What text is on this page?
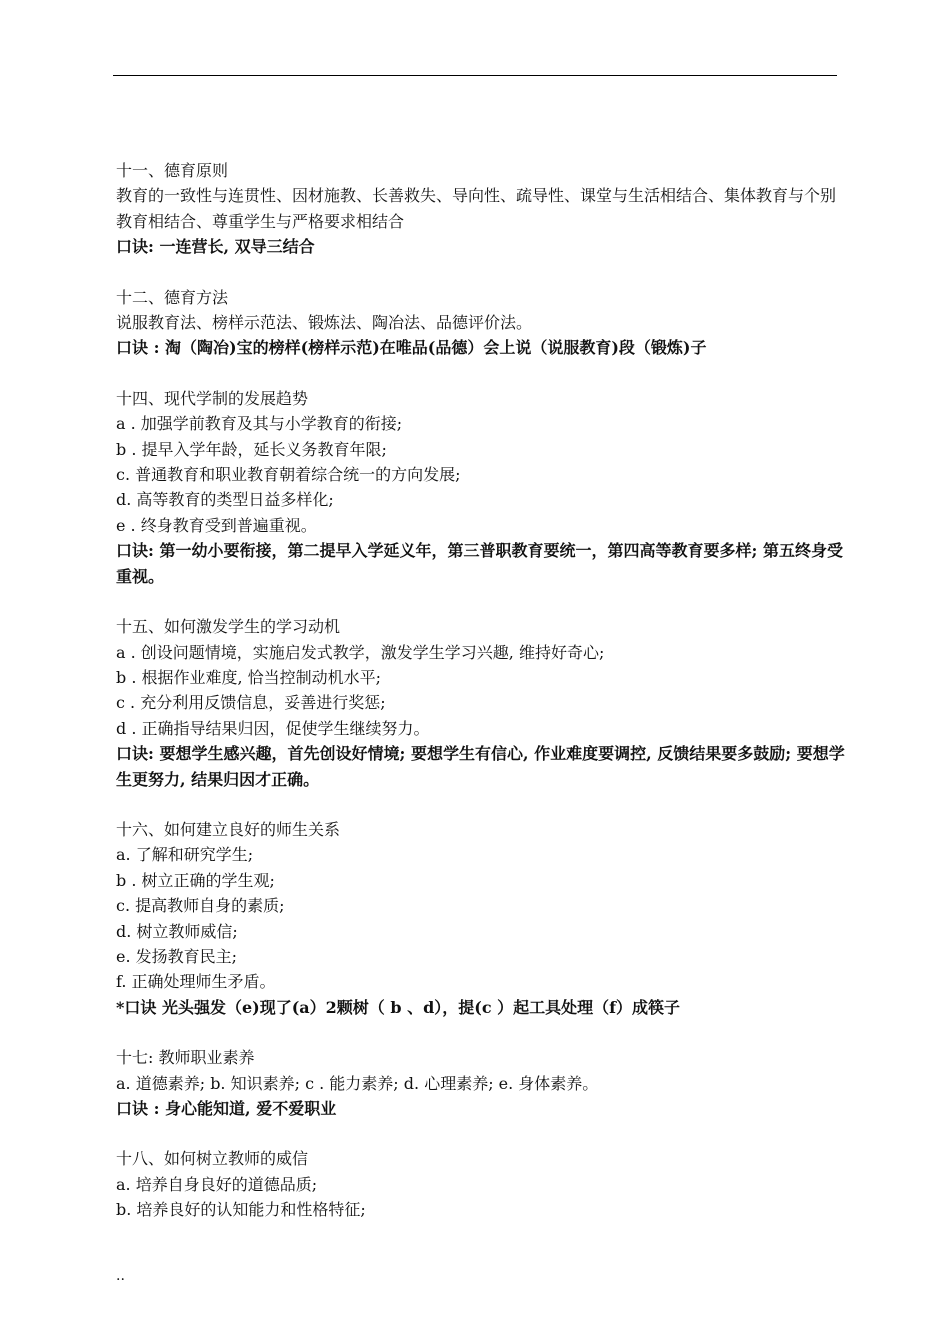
十一、德育原则
教育的一致性与连贯性、因材施教、长善救失、导向性、疏导性、课堂与生活相结合、集体教育与个别教育相结合、尊重学生与严格要求相结合
口诀: 一连营长, 双导三结合
十二、德育方法
说服教育法、榜样示范法、锻炼法、陶冶法、品德评价法。
口诀 : 淘（陶冶)宝的榜样(榜样示范)在唯品(品德）会上说（说服教育)段（锻炼)子
十四、现代学制的发展趋势
a . 加强学前教育及其与小学教育的衔接;
b . 提早入学年龄，延长义务教育年限;
c. 普通教育和职业教育朝着综合统一的方向发展;
d. 高等教育的类型日益多样化;
e . 终身教育受到普遍重视。
口诀: 第一幼小要衔接，第二提早入学延义年，第三普职教育要统一，第四高等教育要多样; 第五终身受重视。
十五、如何激发学生的学习动机
a . 创设问题情境，实施启发式教学，激发学生学习兴趣, 维持好奇心;
b . 根据作业难度, 恰当控制动机水平;
c . 充分利用反馈信息，妥善进行奖惩;
d . 正确指导结果归因，促使学生继续努力。
口诀: 要想学生感兴趣，首先创设好情境; 要想学生有信心, 作业难度要调控, 反馈结果要多鼓励; 要想学生更努力, 结果归因才正确。
十六、如何建立良好的师生关系
a. 了解和研究学生;
b . 树立正确的学生观;
c. 提高教师自身的素质;
d. 树立教师威信;
e. 发扬教育民主;
f. 正确处理师生矛盾。
*口诀 光头强发（e)现了(a）2颗树（ b 、d），提(c ）起工具处理（f）成筷子
十七: 教师职业素养
a. 道德素养; b. 知识素养; c . 能力素养; d. 心理素养; e. 身体素养。
口诀 : 身心能知道, 爱不爱职业
十八、如何树立教师的威信
a. 培养自身良好的道德品质;
b. 培养良好的认知能力和性格特征;
..
